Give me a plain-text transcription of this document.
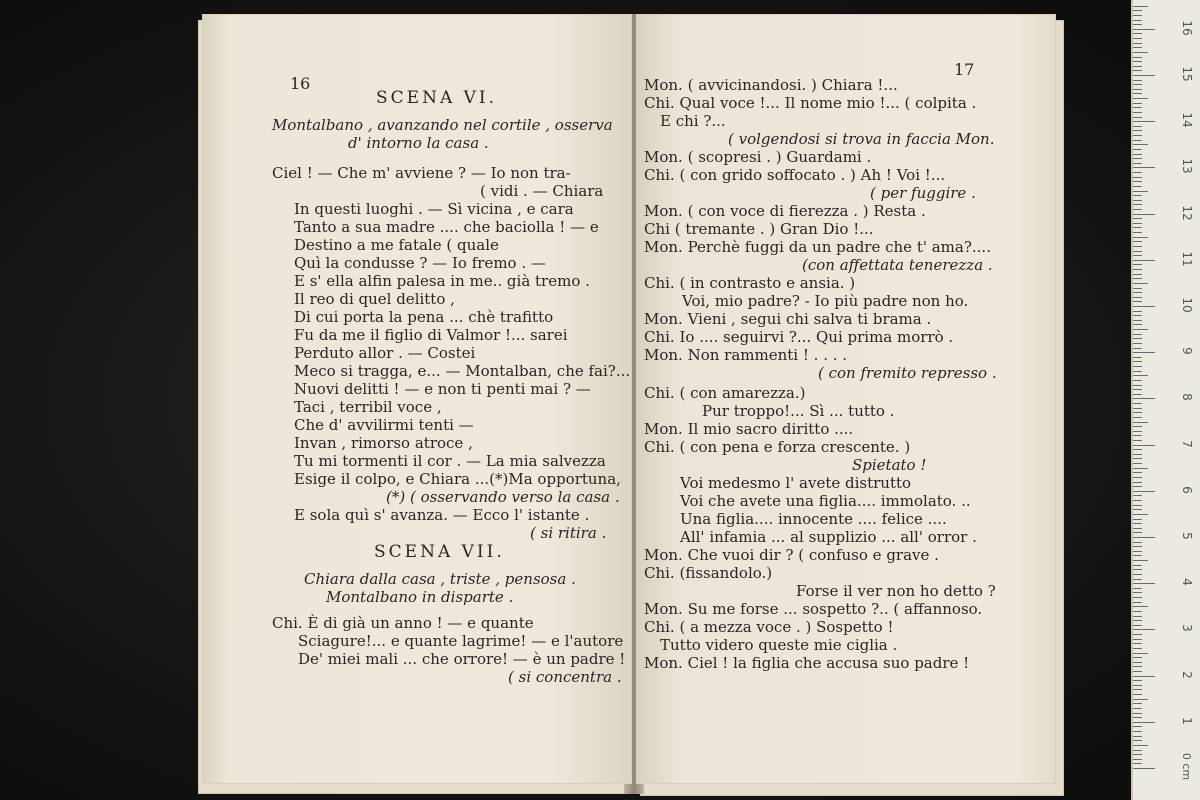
16
SCENA VI.
Montalbano , avanzando nel cortile , osserva
d' intorno la casa .
Ciel ! — Che m' avviene ? — Io non tra-
( vidi . — Chiara
In questi luoghi . — Sì vicina , e cara
Tanto a sua madre .... che baciolla ! — e
Destino a me fatale ( quale
Quì la condusse ? — Io fremo . —
E s' ella alfin palesa in me.. già tremo .
Il reo di quel delitto ,
Di cui porta la pena ... chè trafitto
Fu da me il figlio di Valmor !... sarei
Perduto allor . — Costei
Meco si tragga, e... — Montalban, che fai?...
Nuovi delitti ! — e non ti penti mai ? —
Taci , terribil voce ,
Che d' avvilirmi tenti —
Invan , rimorso atroce ,
Tu mi tormenti il cor . — La mia salvezza
Esige il colpo, e Chiara ...(*)Ma opportuna,
(*) ( osservando verso la casa .
E sola quì s' avanza. — Ecco l' istante .
( si ritira .
SCENA VII.
Chiara dalla casa , triste , pensosa .
Montalbano in disparte .
Chi. È di già un anno ! — e quante
Sciagure!... e quante lagrime! — e l'autore
De' miei mali ... che orrore! — è un padre !
( si concentra .
17
Mon. ( avvicinandosi. ) Chiara !...
Chi. Qual voce !... Il nome mio !... ( colpita .
E chi ?...
( volgendosi si trova in faccia Mon.
Mon. ( scopresi . ) Guardami .
Chi. ( con grido soffocato . ) Ah ! Voi !...
( per fuggire .
Mon. ( con voce di fierezza . ) Resta .
Chi ( tremante . ) Gran Dio !...
Mon. Perchè fuggi da un padre che t' ama?....
(con affettata tenerezza .
Chi. ( in contrasto e ansia. )
Voi, mio padre? - Io più padre non ho.
Mon. Vieni , segui chi salva ti brama .
Chi. Io .... seguirvi ?... Qui prima morrò .
Mon. Non rammenti ! . . . .
( con fremito represso .
Chi. ( con amarezza.)
Pur troppo!... Sì ... tutto .
Mon. Il mio sacro diritto ....
Chi. ( con pena e forza crescente. )
Spietato !
Voi medesmo l' avete distrutto
Voi che avete una figlia.... immolato. ..
Una figlia.... innocente .... felice ....
All' infamia ... al supplizio ... all' orror .
Mon. Che vuoi dir ? ( confuso e grave .
Chi. (fissandolo.)
Forse il ver non ho detto ?
Mon. Su me forse ... sospetto ?.. ( affannoso.
Chi. ( a mezza voce . ) Sospetto !
Tutto videro queste mie ciglia .
Mon. Ciel ! la figlia che accusa suo padre !
0 cm
1
2
3
4
5
6
7
8
9
10
11
12
13
14
15
16
